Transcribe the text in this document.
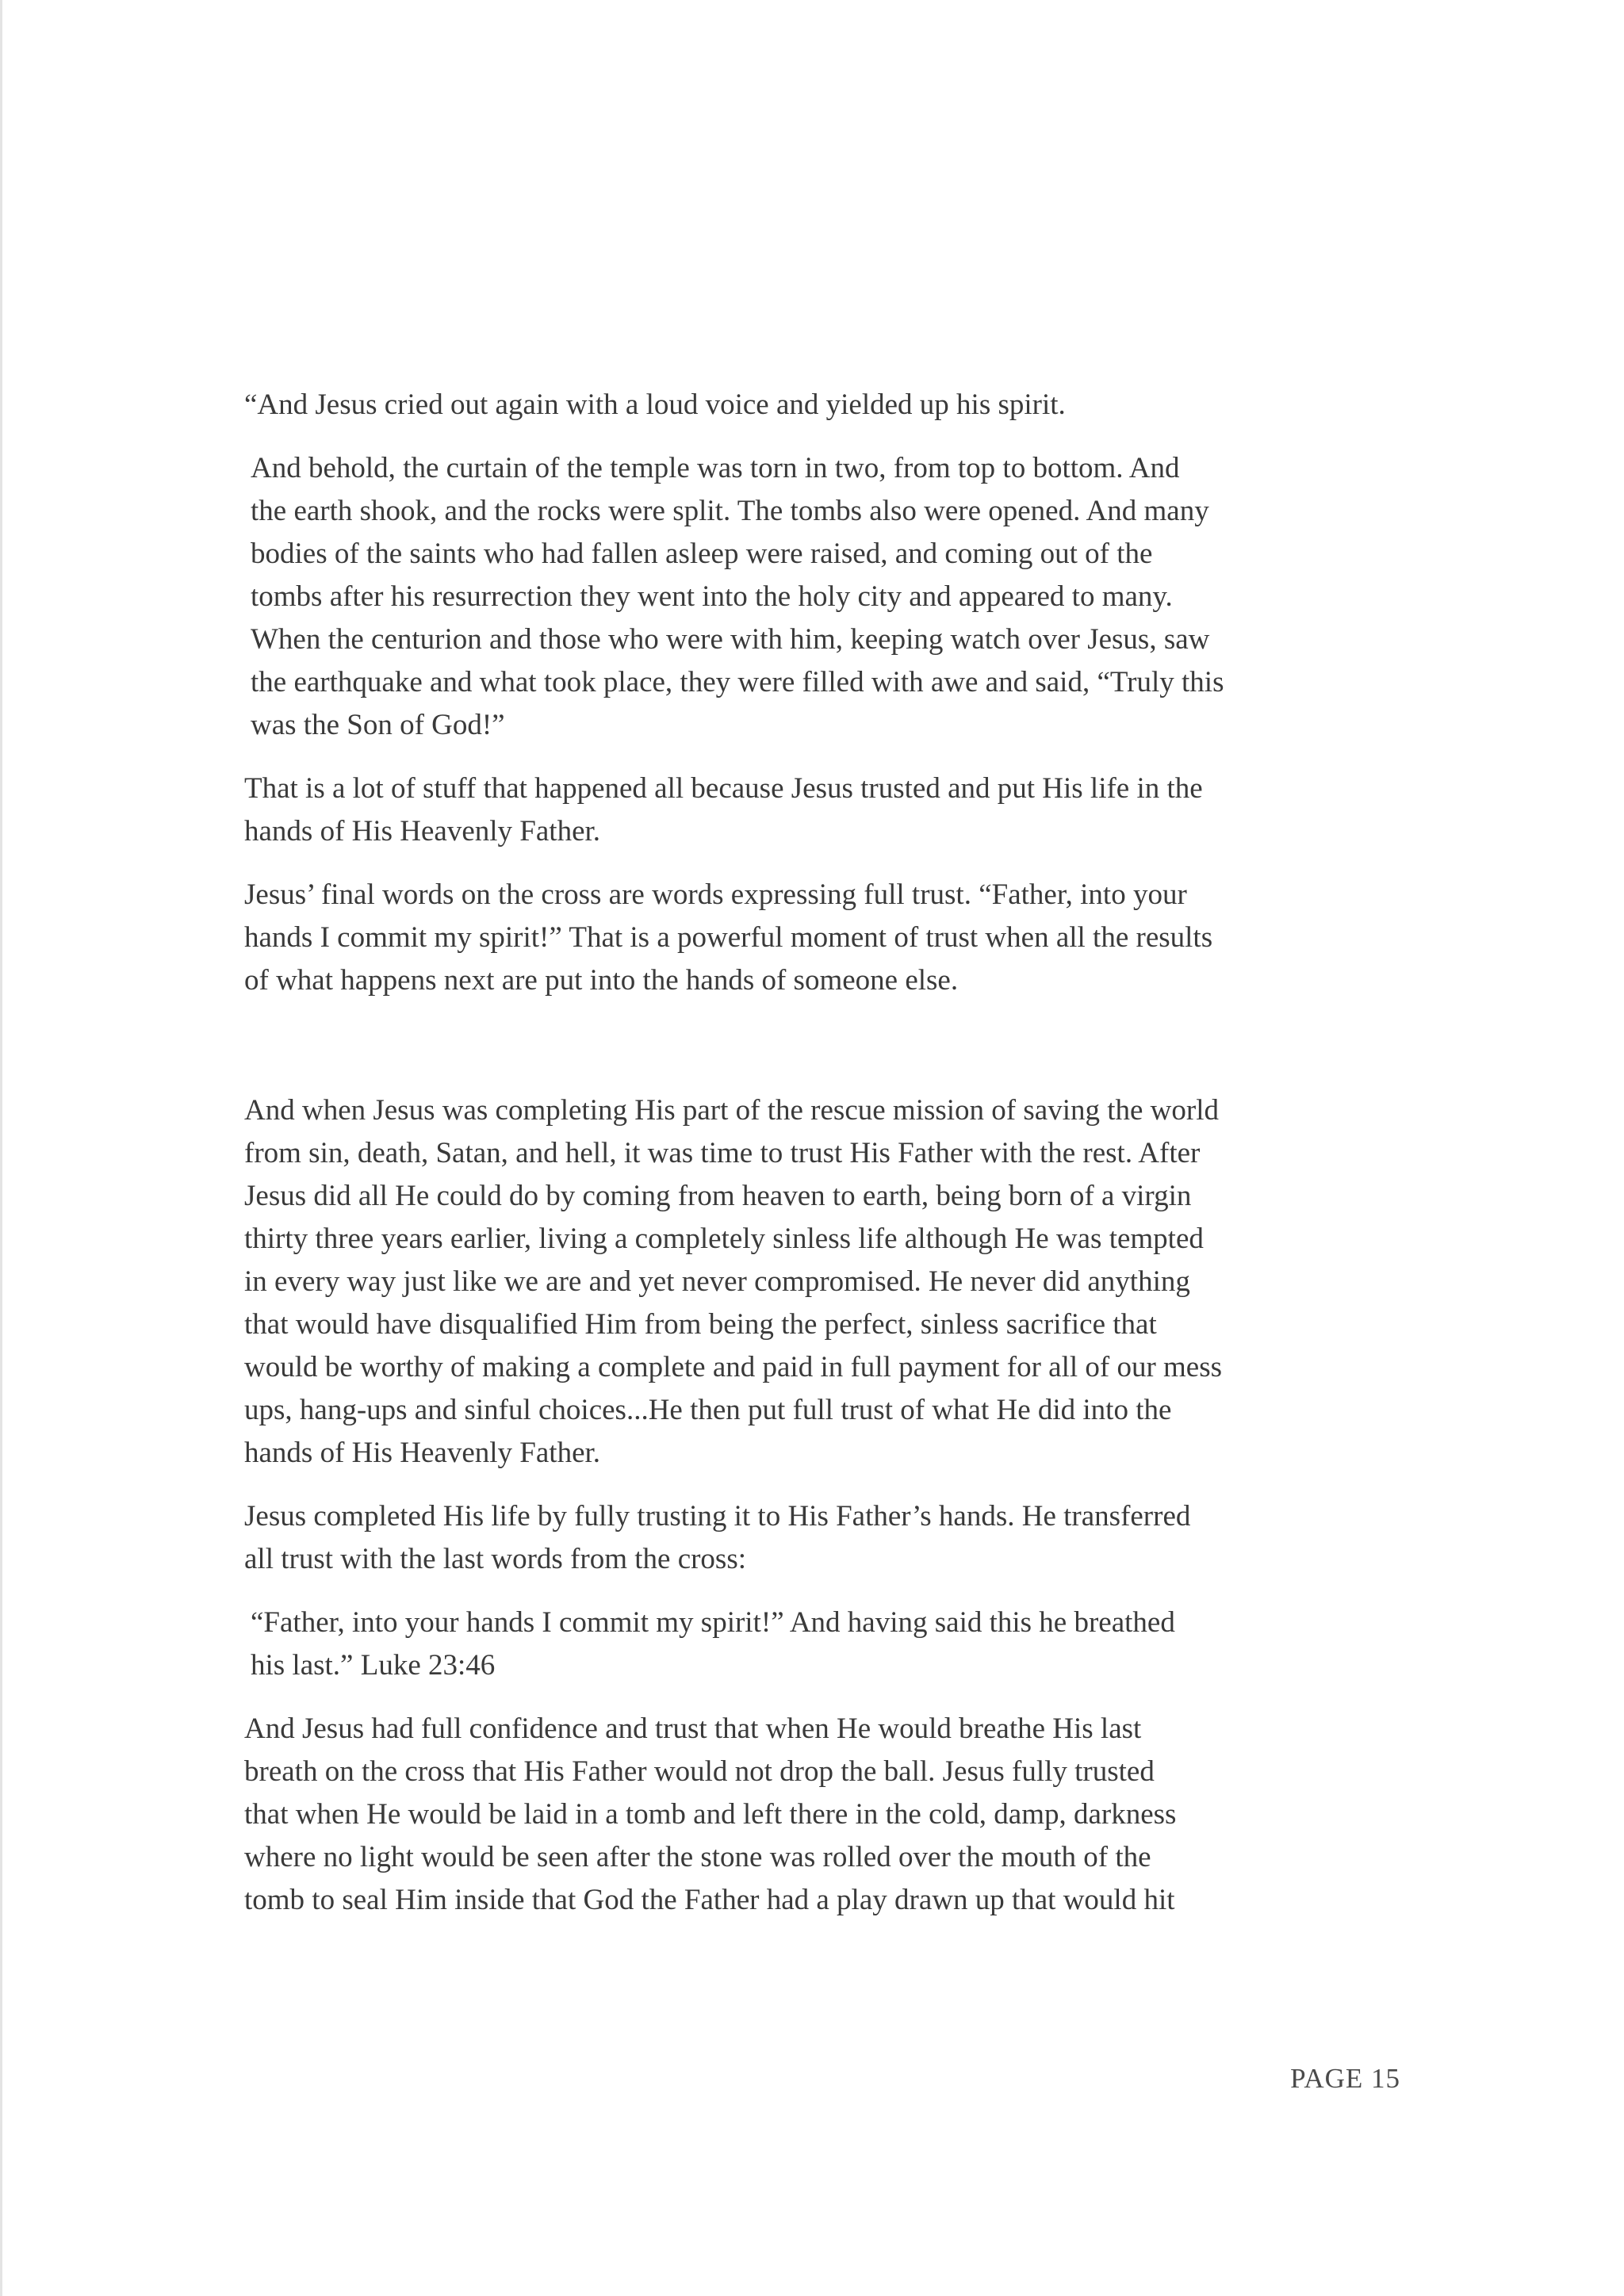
“And Jesus cried out again with a loud voice and yielded up his spirit.

And behold, the curtain of the temple was torn in two, from top to bottom. And
the earth shook, and the rocks were split. The tombs also were opened. And many
bodies of the saints who had fallen asleep were raised, and coming out of the
tombs after his resurrection they went into the holy city and appeared to many.
When the centurion and those who were with him, keeping watch over Jesus, saw
the earthquake and what took place, they were filled with awe and said, “Truly this
was the Son of God!”

That is a lot of stuff that happened all because Jesus trusted and put His life in the
hands of His Heavenly Father.

Jesus’ final words on the cross are words expressing full trust. “Father, into your
hands I commit my spirit!” That is a powerful moment of trust when all the results
of what happens next are put into the hands of someone else.

And when Jesus was completing His part of the rescue mission of saving the world
from sin, death, Satan, and hell, it was time to trust His Father with the rest. After
Jesus did all He could do by coming from heaven to earth, being born of a virgin
thirty three years earlier, living a completely sinless life although He was tempted
in every way just like we are and yet never compromised. He never did anything
that would have disqualified Him from being the perfect, sinless sacrifice that
would be worthy of making a complete and paid in full payment for all of our mess
ups, hang-ups and sinful choices...He then put full trust of what He did into the
hands of His Heavenly Father.

Jesus completed His life by fully trusting it to His Father’s hands. He transferred
all trust with the last words from the cross:

“Father, into your hands I commit my spirit!” And having said this he breathed
his last.” Luke 23:46

And Jesus had full confidence and trust that when He would breathe His last
breath on the cross that His Father would not drop the ball. Jesus fully trusted
that when He would be laid in a tomb and left there in the cold, damp, darkness
where no light would be seen after the stone was rolled over the mouth of the
tomb to seal Him inside that God the Father had a play drawn up that would hit

PAGE 15
